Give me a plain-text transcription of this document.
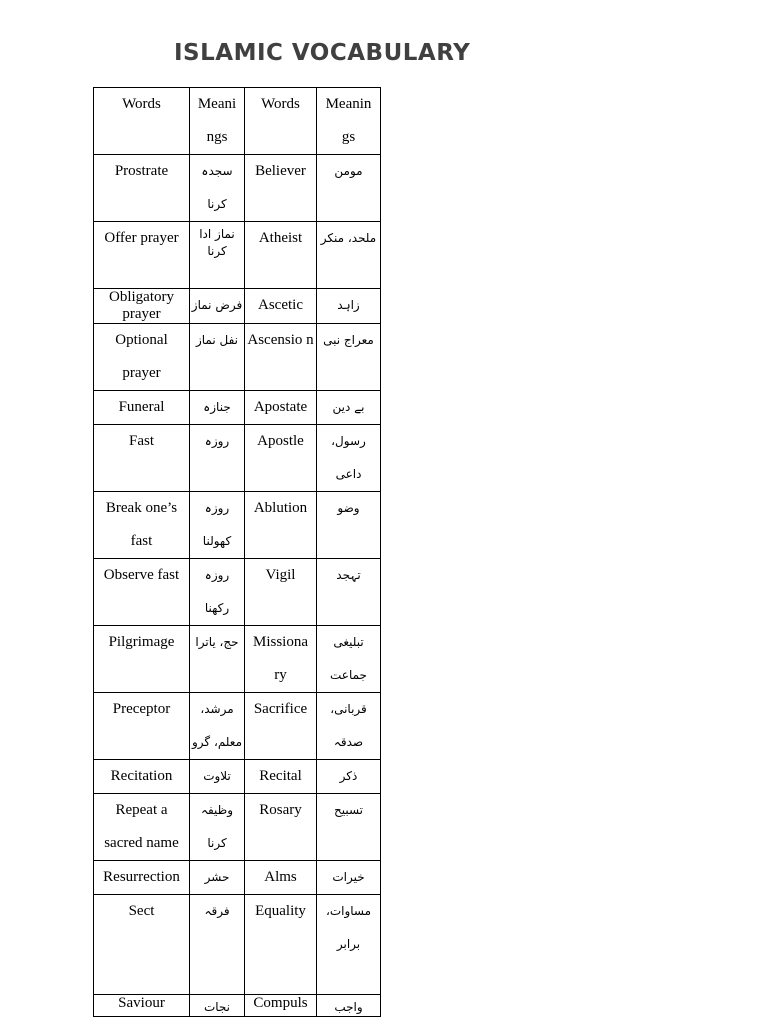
ISLAMIC VOCABULARY
Words	Meani ngs	Words	Meanin gs
Prostrate	سجدہ کرنا	Believer	مومن
Offer prayer	نماز ادا کرنا	Atheist	ملحد، منکر
Obligatory prayer	فرض نماز	Ascetic	زاہد
Optional prayer	نفل نماز	Ascensio n	معراج نبی
Funeral	جنازہ	Apostate	بے دین
Fast	روزہ	Apostle	رسول، داعی
Break one’s fast	روزہ کھولنا	Ablution	وضو
Observe fast	روزہ رکھنا	Vigil	تہجد
Pilgrimage	حج، یاترا	Missiona ry	تبلیغی جماعت
Preceptor	مرشد، معلم، گرو	Sacrifice	قربانی، صدقہ
Recitation	تلاوت	Recital	ذکر
Repeat a sacred name	وظیفہ کرنا	Rosary	تسبیح
Resurrection	حشر	Alms	خیرات
Sect	فرقہ	Equality	مساوات، برابر
Saviour	نجات	Compuls	واجب
